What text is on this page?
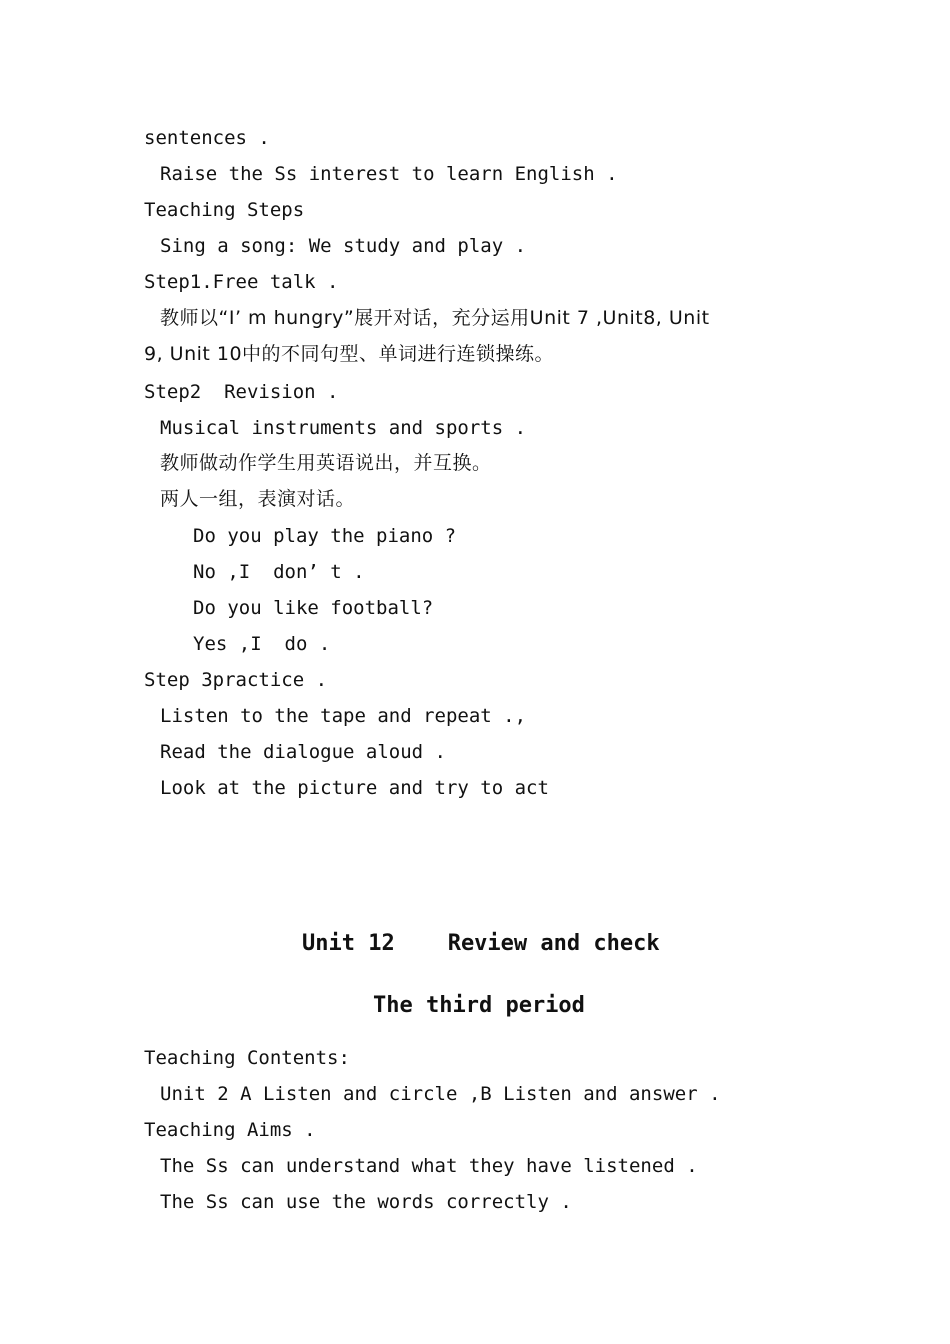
sentences .
Raise the Ss interest to learn English .
Teaching Steps
Sing a song: We study and play .
Step1.Free talk .
教师以“I’ m hungry”展开对话，充分运用Unit 7 ,Unit8, Unit
9, Unit 10中的不同句型、单词进行连锁操练。
Step2  Revision .
Musical instruments and sports .
教师做动作学生用英语说出，并互换。
两人一组，表演对话。
Do you play the piano ?
No ,I  don’ t .
Do you like football?
Yes ,I  do .
Step 3practice .
Listen to the tape and repeat .,
Read the dialogue aloud .
Look at the picture and try to act
Unit 12    Review and check
The third period
Teaching Contents:
Unit 2 A Listen and circle ,B Listen and answer .
Teaching Aims .
The Ss can understand what they have listened .
The Ss can use the words correctly .
